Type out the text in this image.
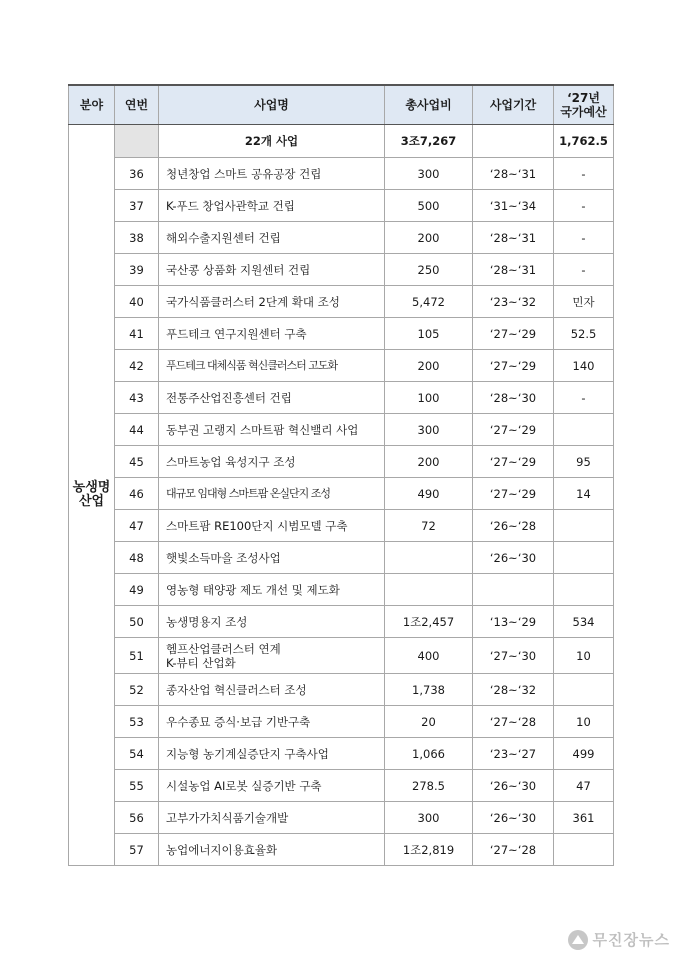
분야	연번	사업명	총사업비	사업기간	‘27년
국가예산

농생명
산업		22개 사업	3조7,267		1,762.5
	36	청년창업 스마트 공유공장 건립	300	‘28~‘31	-
	37	K-푸드 창업사관학교 건립	500	‘31~‘34	-
	38	해외수출지원센터 건립	200	‘28~‘31	-
	39	국산콩 상품화 지원센터 건립	250	‘28~‘31	-
	40	국가식품클러스터 2단계 확대 조성	5,472	‘23~‘32	민자
	41	푸드테크 연구지원센터 구축	105	‘27~‘29	52.5
	42	푸드테크 대체식품 혁신클러스터 고도화	200	‘27~‘29	140
	43	전통주산업진흥센터 건립	100	‘28~‘30	-
	44	동부권 고랭지 스마트팜 혁신밸리 사업	300	‘27~‘29	
	45	스마트농업 육성지구 조성	200	‘27~‘29	95
	46	대규모 임대형 스마트팜 온실단지 조성	490	‘27~‘29	14
	47	스마트팜 RE100단지 시범모델 구축	72	‘26~‘28	
	48	햇빛소득마을 조성사업		‘26~‘30	
	49	영농형 태양광 제도 개선 및 제도화			

	50	농생명용지 조성	1조2,457	‘13~‘29	534
	51	헴프산업클러스터 연계
K-뷰티 산업화	400	‘27~‘30	10
	52	종자산업 혁신클러스터 조성	1,738	‘28~‘32	
	53	우수종묘 증식·보급 기반구축	20	‘27~‘28	10
	54	지능형 농기계실증단지 구축사업	1,066	‘23~‘27	499
	55	시설농업 AI로봇 실증기반 구축	278.5	‘26~‘30	47
	56	고부가가치식품기술개발	300	‘26~‘30	361
	57	농업에너지이용효율화	1조2,819	‘27~‘28	
무진장뉴스
